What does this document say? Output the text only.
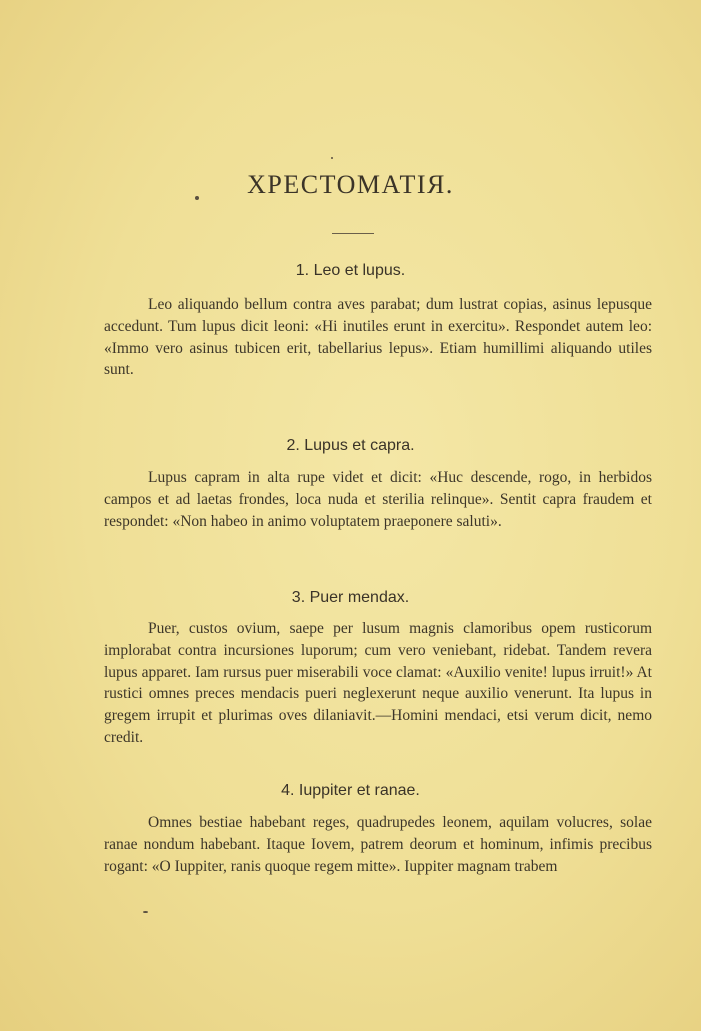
ХРЕСТОМАТІЯ.
1. Leo et lupus.
Leo aliquando bellum contra aves parabat; dum lustrat copias, asinus lepusque accedunt. Tum lupus dicit leoni: «Hi inutiles erunt in exercitu». Respondet autem leo: «Immo vero asinus tubicen erit, tabellarius lepus». Etiam humillimi aliquando utiles sunt.
2. Lupus et capra.
Lupus capram in alta rupe videt et dicit: «Huc descende, rogo, in herbidos campos et ad laetas frondes, loca nuda et sterilia relinque». Sentit capra fraudem et respondet: «Non habeo in animo voluptatem praeponere saluti».
3. Puer mendax.
Puer, custos ovium, saepe per lusum magnis clamoribus opem rusticorum implorabat contra incursiones luporum; cum vero veniebant, ridebat. Tandem revera lupus apparet. Iam rursus puer miserabili voce clamat: «Auxilio venite! lupus irruit!» At rustici omnes preces mendacis pueri neglexerunt neque auxilio venerunt. Ita lupus in gregem irrupit et plurimas oves dilaniavit.—Homini mendaci, etsi verum dicit, nemo credit.
4. Iuppiter et ranae.
Omnes bestiae habebant reges, quadrupedes leonem, aquilam volucres, solae ranae nondum habebant. Itaque Iovem, patrem deorum et hominum, infimis precibus rogant: «O Iuppiter, ranis quoque regem mitte». Iuppiter magnam trabem
